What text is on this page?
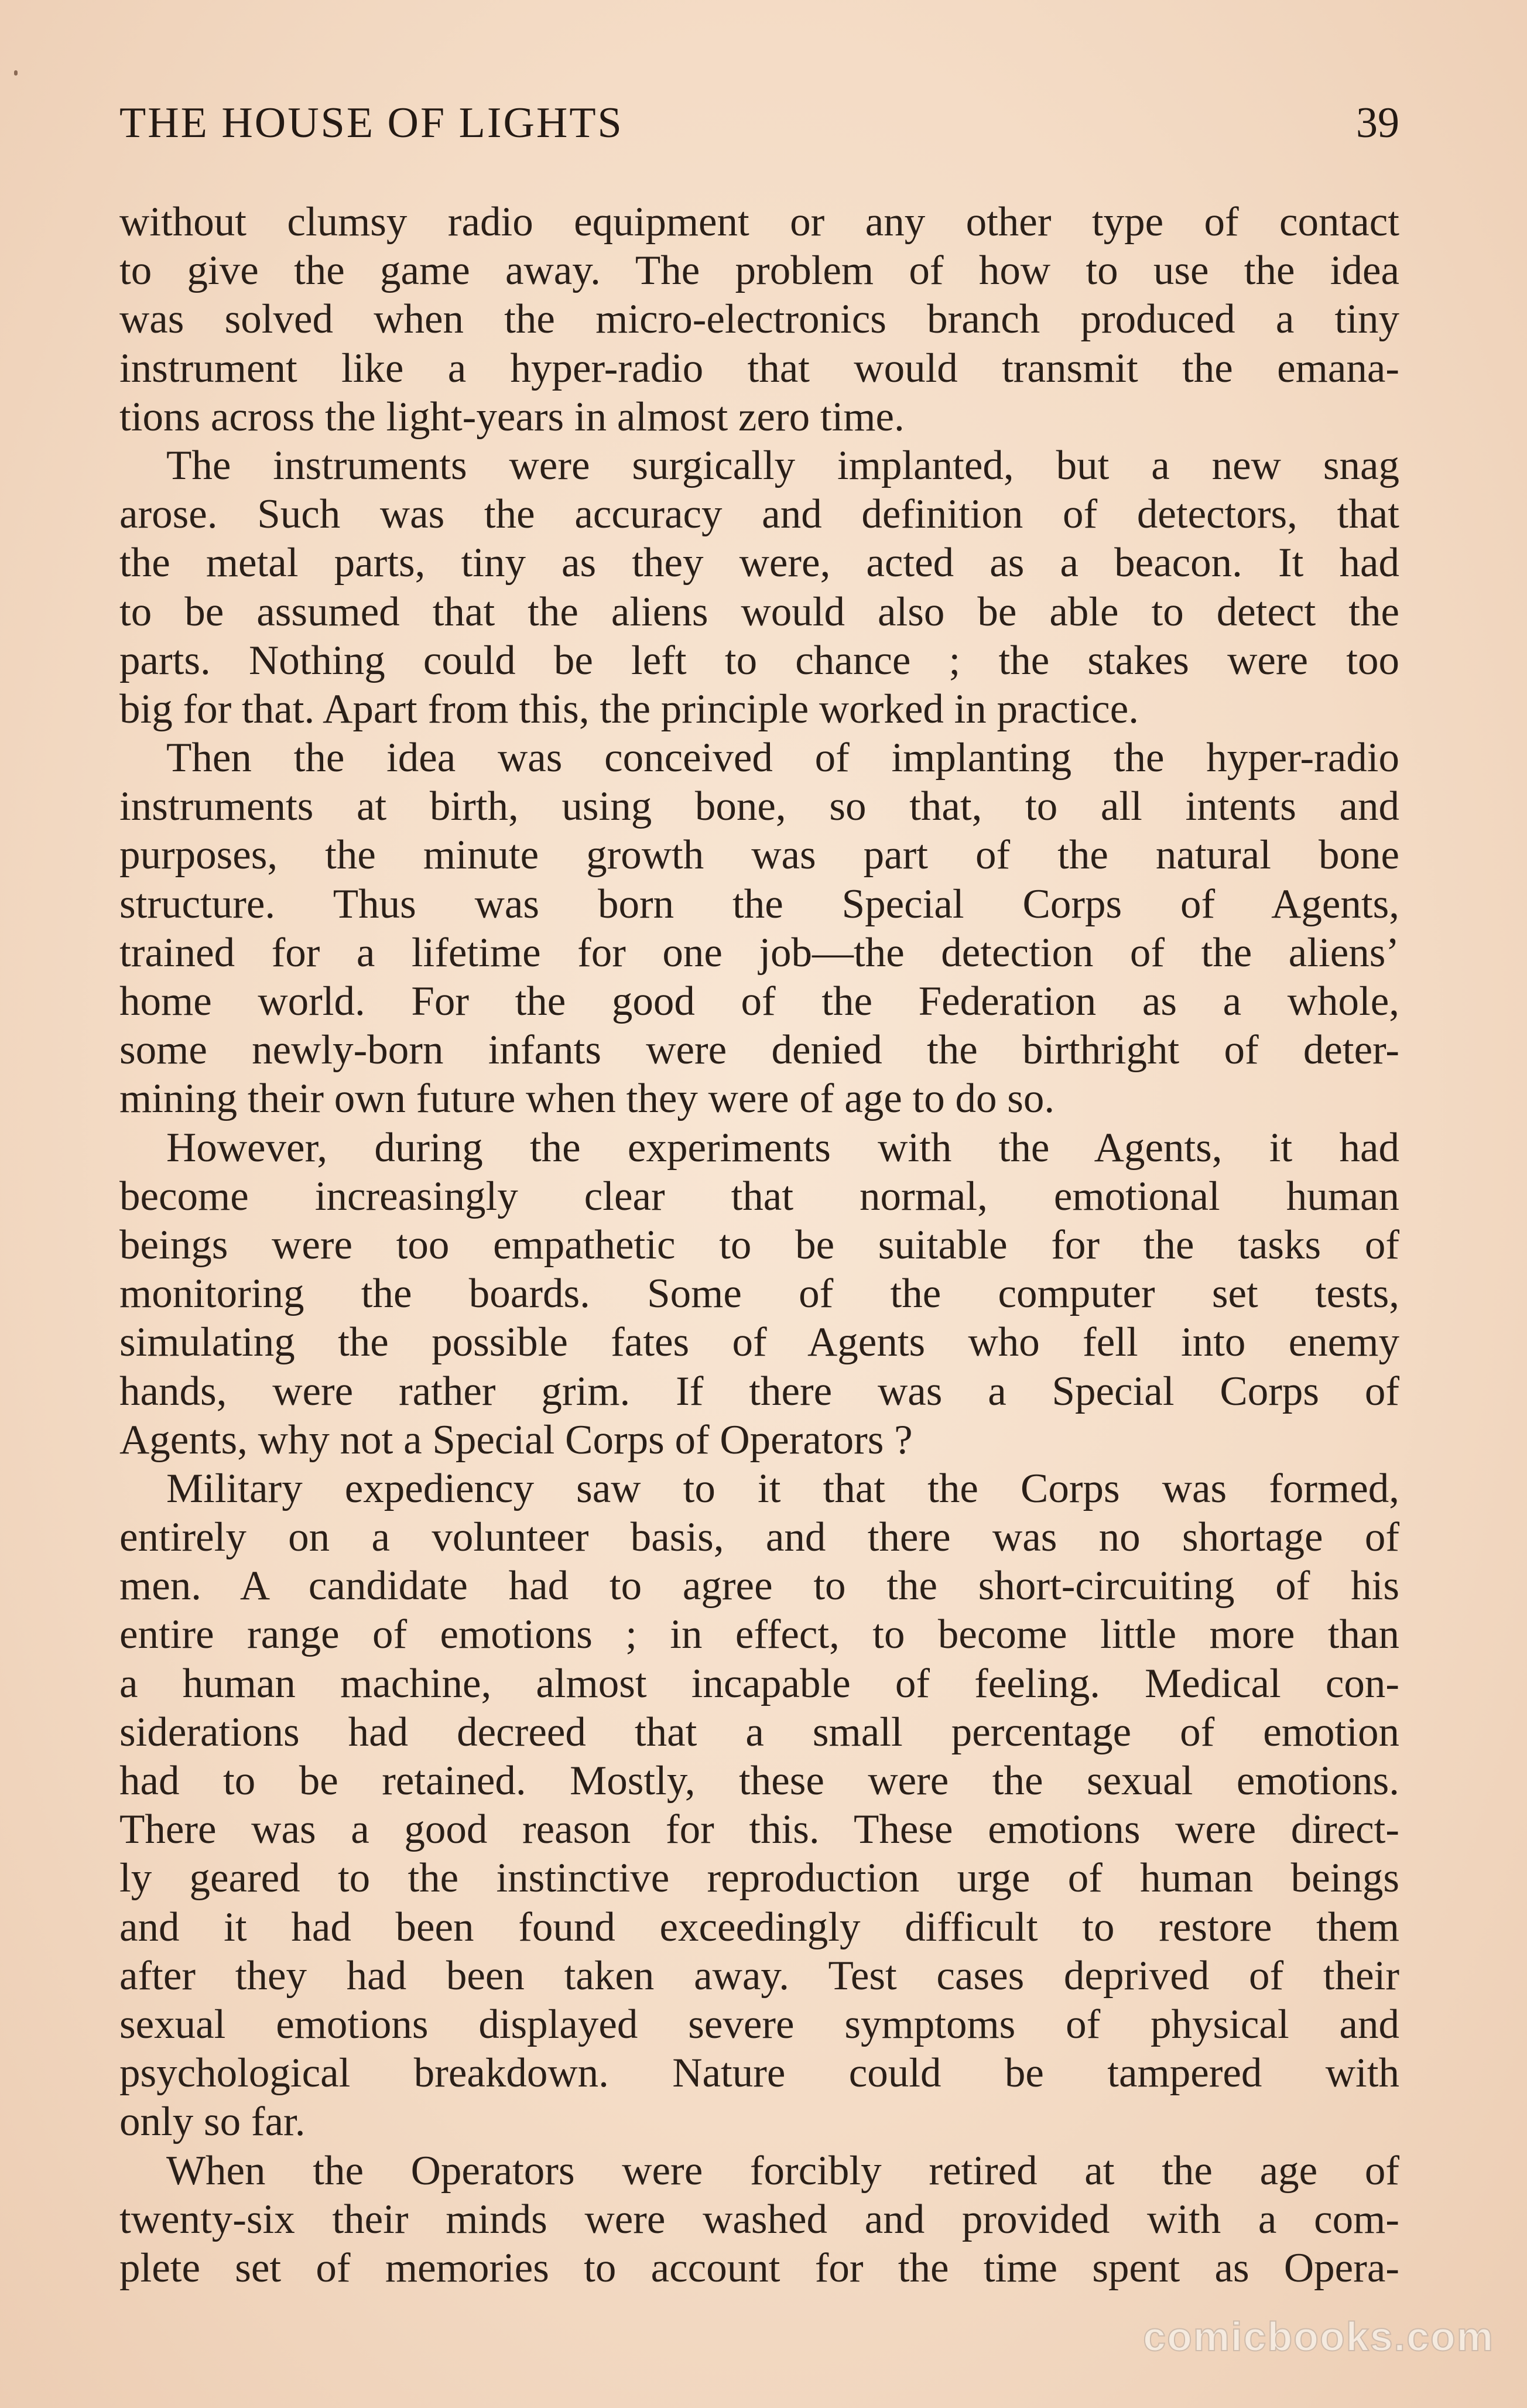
THE HOUSE OF LIGHTS	39
without clumsy radio equipment or any other type of contact
to give the game away. The problem of how to use the idea
was solved when the micro-electronics branch produced a tiny
instrument like a hyper-radio that would transmit the emana-
tions across the light-years in almost zero time.
The instruments were surgically implanted, but a new snag
arose. Such was the accuracy and definition of detectors, that
the metal parts, tiny as they were, acted as a beacon. It had
to be assumed that the aliens would also be able to detect the
parts. Nothing could be left to chance ; the stakes were too
big for that. Apart from this, the principle worked in practice.
Then the idea was conceived of implanting the hyper-radio
instruments at birth, using bone, so that, to all intents and
purposes, the minute growth was part of the natural bone
structure. Thus was born the Special Corps of Agents,
trained for a lifetime for one job—the detection of the aliens’
home world. For the good of the Federation as a whole,
some newly-born infants were denied the birthright of deter-
mining their own future when they were of age to do so.
However, during the experiments with the Agents, it had
become increasingly clear that normal, emotional human
beings were too empathetic to be suitable for the tasks of
monitoring the boards. Some of the computer set tests,
simulating the possible fates of Agents who fell into enemy
hands, were rather grim. If there was a Special Corps of
Agents, why not a Special Corps of Operators ?
Military expediency saw to it that the Corps was formed,
entirely on a volunteer basis, and there was no shortage of
men. A candidate had to agree to the short-circuiting of his
entire range of emotions ; in effect, to become little more than
a human machine, almost incapable of feeling. Medical con-
siderations had decreed that a small percentage of emotion
had to be retained. Mostly, these were the sexual emotions.
There was a good reason for this. These emotions were direct-
ly geared to the instinctive reproduction urge of human beings
and it had been found exceedingly difficult to restore them
after they had been taken away. Test cases deprived of their
sexual emotions displayed severe symptoms of physical and
psychological breakdown. Nature could be tampered with
only so far.
When the Operators were forcibly retired at the age of
twenty-six their minds were washed and provided with a com-
plete set of memories to account for the time spent as Opera-
comicbooks.com
